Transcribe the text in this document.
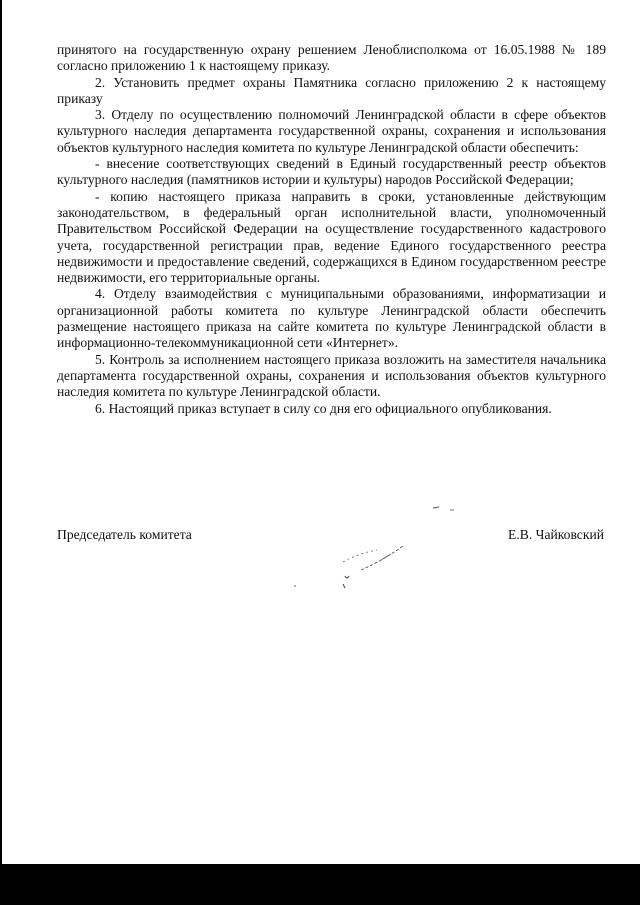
принятого на государственную охрану решением Леноблисполкома от 16.05.1988 № 189 согласно приложению 1 к настоящему приказу.

2. Установить предмет охраны Памятника согласно приложению 2 к настоящему приказу

3. Отделу по осуществлению полномочий Ленинградской области в сфере объектов культурного наследия департамента государственной охраны, сохранения и использования объектов культурного наследия комитета по культуре Ленинградской области обеспечить:

- внесение соответствующих сведений в Единый государственный реестр объектов культурного наследия (памятников истории и культуры) народов Российской Федерации;

- копию настоящего приказа направить в сроки, установленные действующим законодательством, в федеральный орган исполнительной власти, уполномоченный Правительством Российской Федерации на осуществление государственного кадастрового учета, государственной регистрации прав, ведение Единого государственного реестра недвижимости и предоставление сведений, содержащихся в Едином государственном реестре недвижимости, его территориальные органы.

4. Отделу взаимодействия с муниципальными образованиями, информатизации и организационной работы комитета по культуре Ленинградской области обеспечить размещение настоящего приказа на сайте комитета по культуре Ленинградской области в информационно-телекоммуникационной сети «Интернет».

5. Контроль за исполнением настоящего приказа возложить на заместителя начальника департамента государственной охраны, сохранения и использования объектов культурного наследия комитета по культуре Ленинградской области.

6. Настоящий приказ вступает в силу со дня его официального опубликования.

Председатель комитета	Е.В. Чайковский
